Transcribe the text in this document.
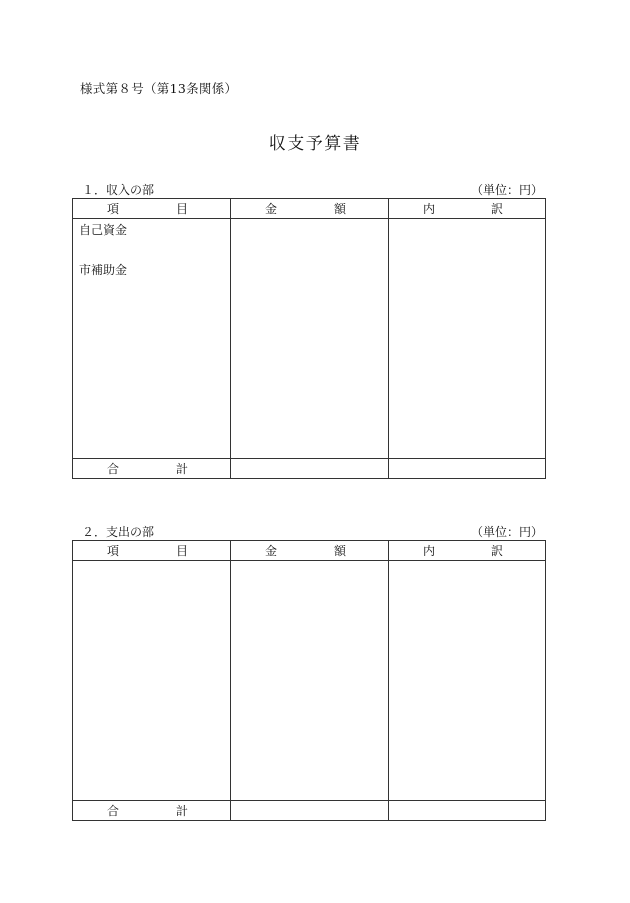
様式第８号（第13条関係）
収支予算書
１．収入の部	（単位：円）
項 目	金 額	内 訳

自己資金
市補助金		

合 計		

２．支出の部	（単位：円）
項 目	金 額	内 訳

合 計		
